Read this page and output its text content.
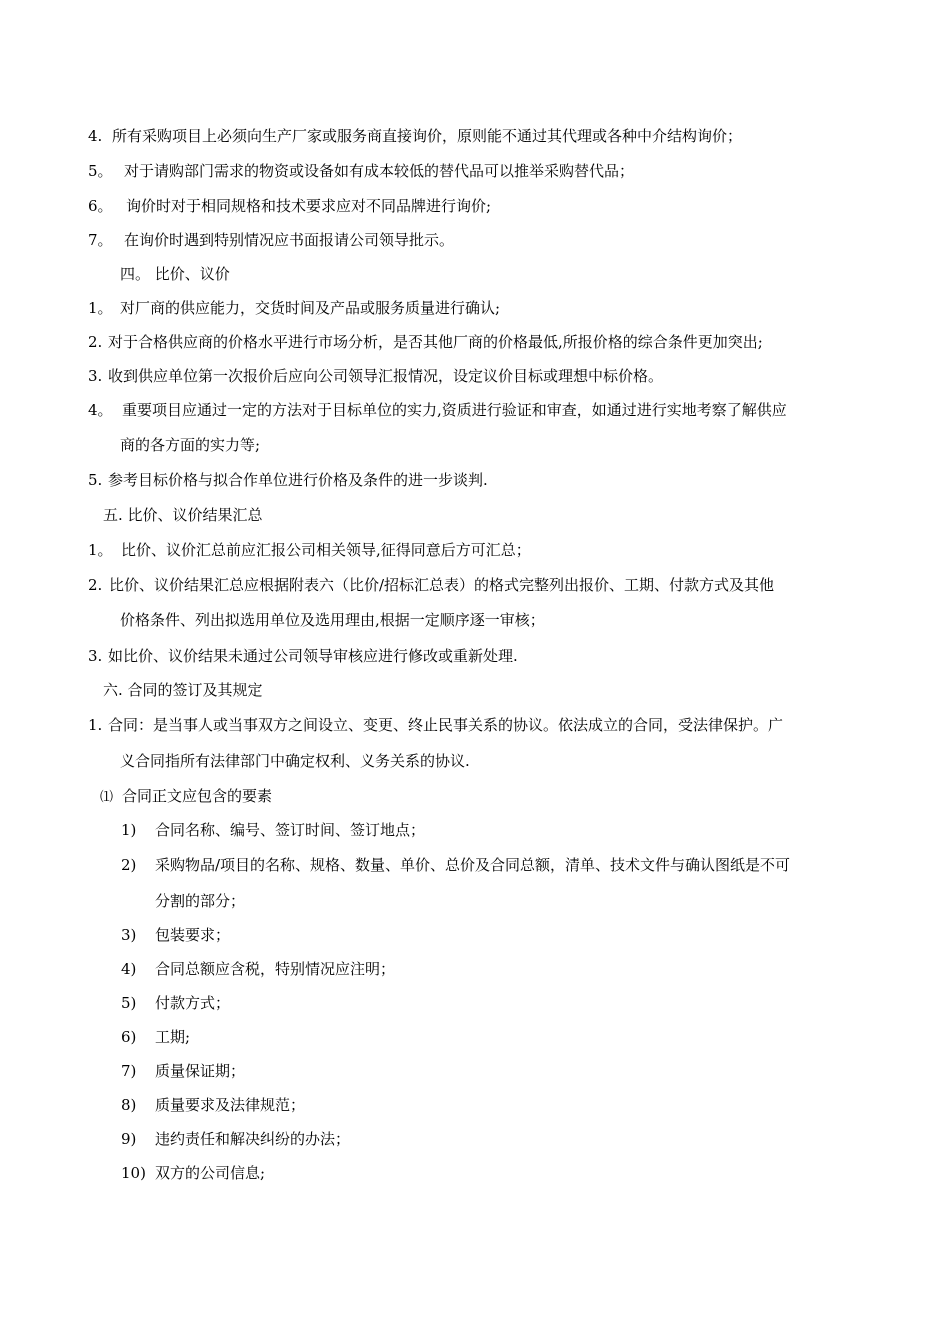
4. 所有采购项目上必须向生产厂家或服务商直接询价，原则能不通过其代理或各种中介结构询价；
5。 对于请购部门需求的物资或设备如有成本较低的替代品可以推举采购替代品；
6。 询价时对于相同规格和技术要求应对不同品牌进行询价;
7。 在询价时遇到特别情况应书面报请公司领导批示。
四。 比价、议价
1。 对厂商的供应能力，交货时间及产品或服务质量进行确认;
2. 对于合格供应商的价格水平进行市场分析，是否其他厂商的价格最低,所报价格的综合条件更加突出;
3. 收到供应单位第一次报价后应向公司领导汇报情况，设定议价目标或理想中标价格。
4。 重要项目应通过一定的方法对于目标单位的实力,资质进行验证和审查，如通过进行实地考察了解供应
商的各方面的实力等;
5. 参考目标价格与拟合作单位进行价格及条件的进一步谈判.
五. 比价、议价结果汇总
1。 比价、议价汇总前应汇报公司相关领导,征得同意后方可汇总；
2. 比价、议价结果汇总应根据附表六（比价/招标汇总表）的格式完整列出报价、工期、付款方式及其他
价格条件、列出拟选用单位及选用理由,根据一定顺序逐一审核；
3. 如比价、议价结果未通过公司领导审核应进行修改或重新处理.
六. 合同的签订及其规定
1. 合同：是当事人或当事双方之间设立、变更、终止民事关系的协议。依法成立的合同，受法律保护。广
义合同指所有法律部门中确定权利、义务关系的协议.
⑴ 合同正文应包含的要素
1) 合同名称、编号、签订时间、签订地点；
2) 采购物品/项目的名称、规格、数量、单价、总价及合同总额，清单、技术文件与确认图纸是不可
分割的部分；
3) 包装要求；
4) 合同总额应含税，特别情况应注明；
5) 付款方式；
6) 工期;
7) 质量保证期；
8) 质量要求及法律规范；
9) 违约责任和解决纠纷的办法；
10) 双方的公司信息;
